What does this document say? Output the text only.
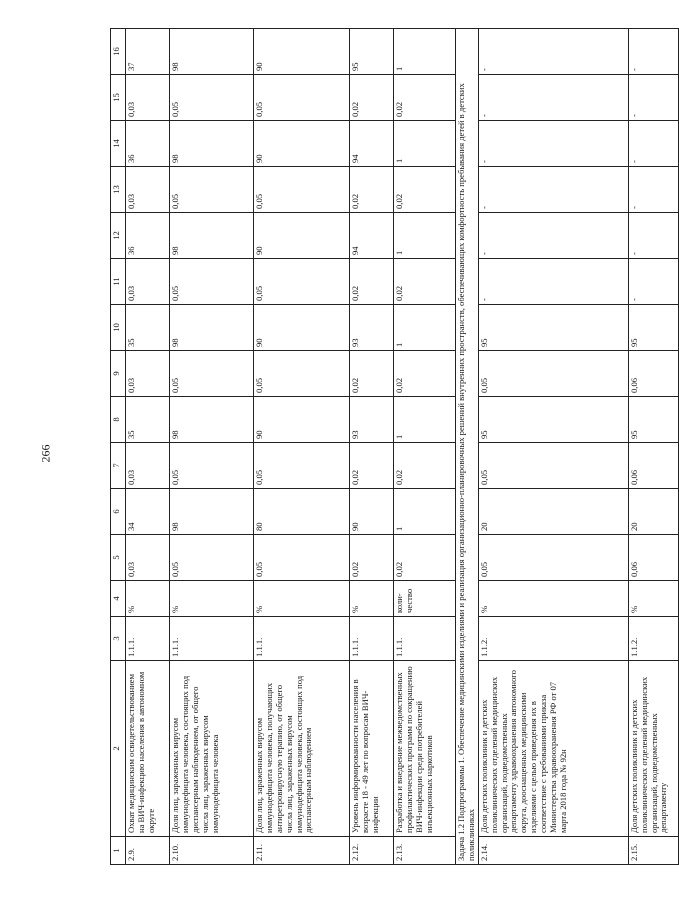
266
1	2	3	4	5	6	7	8	9	10	11	12	13	14	15	16
2.9.	Охват медицинским освидетельствованием на ВИЧ-инфекцию населения в автономном округе	1.1.1.	%	0,03	34	0,03	35	0,03	35	0,03	36	0,03	36	0,03	37
2.10.	Доля лиц, зараженных вирусом иммунодефицита человека, состоящих под диспансерным наблюдением, от общего числа лиц, зараженных вирусом иммунодефицита человека	1.1.1.	%	0,05	98	0,05	98	0,05	98	0,05	98	0,05	98	0,05	98
2.11.	Доля лиц, зараженных вирусом иммунодефицита человека, получающих антиретровирусную терапию, от общего числа лиц, зараженных вирусом иммунодефицита человека, состоящих под диспансерным наблюдением	1.1.1.	%	0,05	80	0,05	90	0,05	90	0,05	90	0,05	90	0,05	90
2.12.	Уровень информированности населения в возрасте 18 - 49 лет по вопросам ВИЧ-инфекции	1.1.1.	%	0,02	90	0,02	93	0,02	93	0,02	94	0,02	94	0,02	95
2.13.	Разработка и внедрение межведомственных профилактических программ по сокращению ВИЧ-инфекции среди потребителей инъекционных наркотиков	1.1.1.	коли-чество	0,02	1	0,02	1	0,02	1	0,02	1	0,02	1	0,02	1
Задача 1.2 Подпрограммы 1. Обеспечение медицинскими изделиями и реализация организационно-планировочных решений внутренних пространств, обеспечивающих комфортность пребывания детей в детских поликлиниках															
2.14.	Доля детских поликлиник и детских поликлинических отделений медицинских организаций, подведомственных департаменту здравоохранения автономного округа, дооснащенных медицинскими изделиями с целью приведения их в соответствие с требованиями приказа Министерства здравоохранения РФ от 07 марта 2018 года № 92н	1.1.2.	%	0,05	20	0,05	95	0,05	95	-	-	-	-	-	-
2.15.	Доля детских поликлиник и детских поликлинических отделений медицинских организаций, подведомственных департаменту	1.1.2.	%	0,06	20	0,06	95	0,06	95	-	-	-	-	-	-
